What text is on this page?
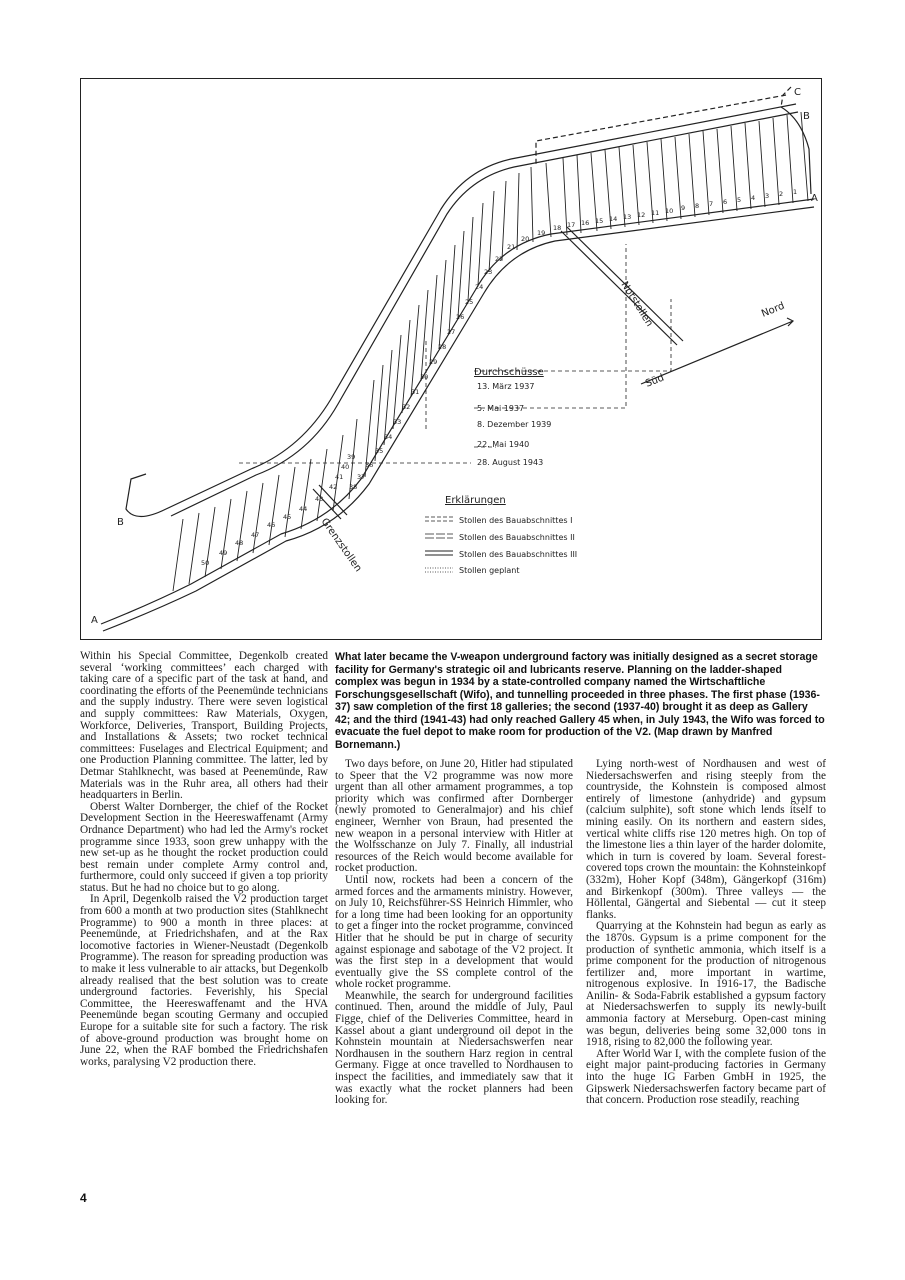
1
2
3
4
5
6
7
8
9
10
11
12
13
14
15
16
17
18
19
20
21
22
23
24
25
26
27
28
29
30
31
32
33
34
35
36
37
38
39
40
41
42
43
44
45
46
47
48
49
50
Notstollen
Grenzstollen
Nord
Süd
Durchschüsse
13. März 1937
5. Mai 1937
8. Dezember 1939
22. Mai 1940
28. August 1943
Erklärungen
Stollen des Bauabschnittes I
Stollen des Bauabschnittes II
Stollen des Bauabschnittes III
Stollen geplant
A
B
C
B
A

Within his Special Committee, Degenkolb created several ‘working committees’ each charged with taking care of a specific part of the task at hand, and coordinating the efforts of the Peenemünde technicians and the supply industry. There were seven logistical and supply committees: Raw Materials, Oxygen, Workforce, Deliveries, Transport, Building Projects, and Installations & Assets; two rocket technical committees: Fuselages and Electrical Equipment; and one Production Planning committee. The latter, led by Detmar Stahlknecht, was based at Peenemünde, Raw Materials was in the Ruhr area, all others had their headquarters in Berlin.

Oberst Walter Dornberger, the chief of the Rocket Development Section in the Heereswaffenamt (Army Ordnance Department) who had led the Army's rocket programme since 1933, soon grew unhappy with the new set-up as he thought the rocket production could best remain under complete Army control and, furthermore, could only succeed if given a top priority status. But he had no choice but to go along.

In April, Degenkolb raised the V2 production target from 600 a month at two production sites (Stahlknecht Programme) to 900 a month in three places: at Peenemünde, at Friedrichshafen, and at the Rax locomotive factories in Wiener-Neustadt (Degenkolb Programme). The reason for spreading production was to make it less vulnerable to air attacks, but Degenkolb already realised that the best solution was to create underground factories. Feverishly, his Special Committee, the Heereswaffenamt and the HVA Peenemünde began scouting Germany and occupied Europe for a suitable site for such a factory. The risk of above-ground production was brought home on June 22, when the RAF bombed the Friedrichshafen works, paralysing V2 production there.

What later became the V-weapon underground factory was initially designed as a secret storage facility for Germany's strategic oil and lubricants reserve. Planning on the ladder-shaped complex was begun in 1934 by a state-controlled company named the Wirtschaftliche Forschungsgesellschaft (Wifo), and tunnelling proceeded in three phases. The first phase (1936-37) saw completion of the first 18 galleries; the second (1937-40) brought it as deep as Gallery 42; and the third (1941-43) had only reached Gallery 45 when, in July 1943, the Wifo was forced to evacuate the fuel depot to make room for production of the V2. (Map drawn by Manfred Bornemann.)

Two days before, on June 20, Hitler had stipulated to Speer that the V2 programme was now more urgent than all other armament programmes, a top priority which was confirmed after Dornberger (newly promoted to Generalmajor) and his chief engineer, Wernher von Braun, had presented the new weapon in a personal interview with Hitler at the Wolfsschanze on July 7. Finally, all industrial resources of the Reich would become available for rocket production.

Until now, rockets had been a concern of the armed forces and the armaments ministry. However, on July 10, Reichsführer-SS Heinrich Himmler, who for a long time had been looking for an opportunity to get a finger into the rocket programme, convinced Hitler that he should be put in charge of security against espionage and sabotage of the V2 project. It was the first step in a development that would eventually give the SS complete control of the whole rocket programme.

Meanwhile, the search for underground facilities continued. Then, around the middle of July, Paul Figge, chief of the Deliveries Committee, heard in Kassel about a giant underground oil depot in the Kohnstein mountain at Niedersachswerfen near Nordhausen in the southern Harz region in central Germany. Figge at once travelled to Nordhausen to inspect the facilities, and immediately saw that it was exactly what the rocket planners had been looking for.

Lying north-west of Nordhausen and west of Niedersachswerfen and rising steeply from the countryside, the Kohnstein is composed almost entirely of limestone (anhydride) and gypsum (calcium sulphite), soft stone which lends itself to mining easily. On its northern and eastern sides, vertical white cliffs rise 120 metres high. On top of the limestone lies a thin layer of the harder dolomite, which in turn is covered by loam. Several forest-covered tops crown the mountain: the Kohnsteinkopf (332m), Hoher Kopf (348m), Gängerkopf (316m) and Birkenkopf (300m). Three valleys — the Höllental, Gängertal and Siebental — cut it steep flanks.

Quarrying at the Kohnstein had begun as early as the 1870s. Gypsum is a prime component for the production of synthetic ammonia, which itself is a prime component for the production of nitrogenous fertilizer and, more important in wartime, nitrogenous explosive. In 1916-17, the Badische Anilin- & Soda-Fabrik established a gypsum factory at Niedersachswerfen to supply its newly-built ammonia factory at Merseburg. Open-cast mining was begun, deliveries being some 32,000 tons in 1918, rising to 82,000 the following year.

After World War I, with the complete fusion of the eight major paint-producing factories in Germany into the huge IG Farben GmbH in 1925, the Gipswerk Niedersachswerfen factory became part of that concern. Production rose steadily, reaching

4
